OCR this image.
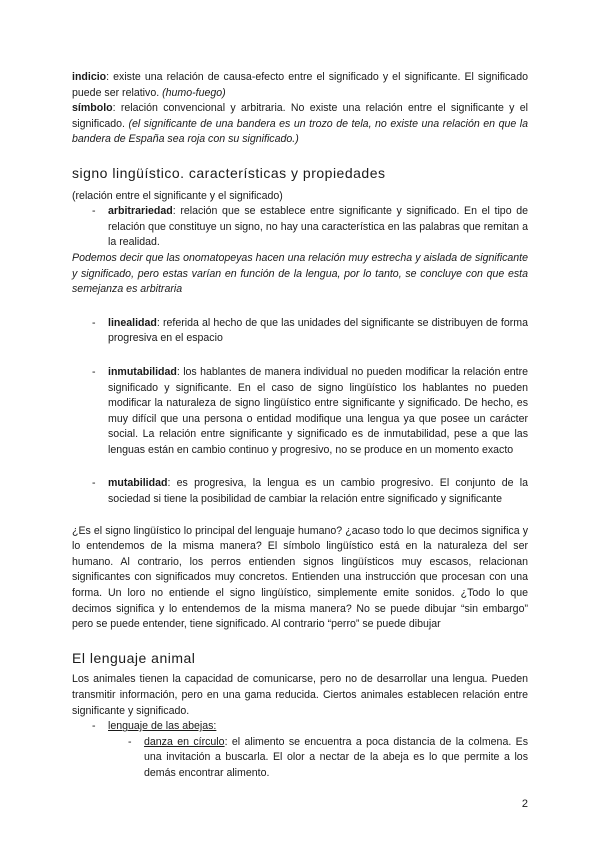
indicio: existe una relación de causa-efecto entre el significado y el significante. El significado puede ser relativo. (humo-fuego)

símbolo: relación convencional y arbitraria. No existe una relación entre el significante y el significado. (el significante de una bandera es un trozo de tela, no existe una relación en que la bandera de España sea roja con su significado.)

signo lingüístico. características y propiedades

(relación entre el significante y el significado)

- arbitrariedad: relación que se establece entre significante y significado. En el tipo de relación que constituye un signo, no hay una característica en las palabras que remitan a la realidad.

Podemos decir que las onomatopeyas hacen una relación muy estrecha y aislada de significante y significado, pero estas varían en función de la lengua, por lo tanto, se concluye con que esta semejanza es arbitraria

- linealidad: referida al hecho de que las unidades del significante se distribuyen de forma progresiva en el espacio
- inmutabilidad: los hablantes de manera individual no pueden modificar la relación entre significado y significante. En el caso de signo lingüístico los hablantes no pueden modificar la naturaleza de signo lingüístico entre significante y significado. De hecho, es muy difícil que una persona o entidad modifique una lengua ya que posee un carácter social. La relación entre significante y significado es de inmutabilidad, pese a que las lenguas están en cambio continuo y progresivo, no se produce en un momento exacto
- mutabilidad: es progresiva, la lengua es un cambio progresivo. El conjunto de la sociedad si tiene la posibilidad de cambiar la relación entre significado y significante

¿Es el signo lingüístico lo principal del lenguaje humano? ¿acaso todo lo que decimos significa y lo entendemos de la misma manera? El símbolo lingüístico está en la naturaleza del ser humano. Al contrario, los perros entienden signos lingüísticos muy escasos, relacionan significantes con significados muy concretos. Entienden una instrucción que procesan con una forma. Un loro no entiende el signo lingüístico, simplemente emite sonidos. ¿Todo lo que decimos significa y lo entendemos de la misma manera? No se puede dibujar “sin embargo” pero se puede entender, tiene significado. Al contrario “perro” se puede dibujar

El lenguaje animal

Los animales tienen la capacidad de comunicarse, pero no de desarrollar una lengua. Pueden transmitir información, pero en una gama reducida. Ciertos animales establecen relación entre significante y significado.

- lenguaje de las abejas:
- danza en círculo: el alimento se encuentra a poca distancia de la colmena. Es una invitación a buscarla. El olor a nectar de la abeja es lo que permite a los demás encontrar alimento.
2
